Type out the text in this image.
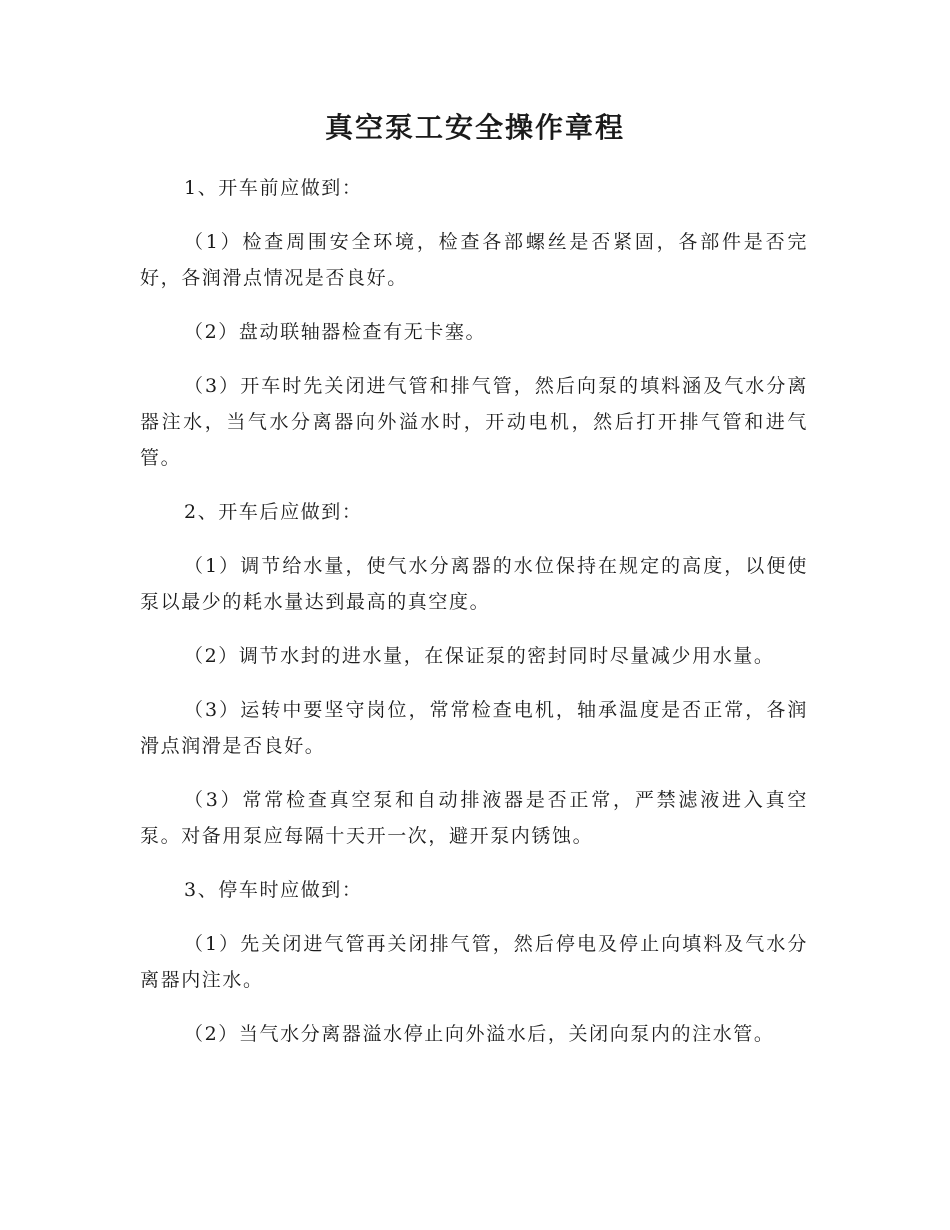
真空泵工安全操作章程

1、开车前应做到：

（1）检查周围安全环境，检查各部螺丝是否紧固，各部件是否完好，各润滑点情况是否良好。

（2）盘动联轴器检查有无卡塞。

（3）开车时先关闭进气管和排气管，然后向泵的填料涵及气水分离器注水，当气水分离器向外溢水时，开动电机，然后打开排气管和进气管。

2、开车后应做到：

（1）调节给水量，使气水分离器的水位保持在规定的高度，以便使泵以最少的耗水量达到最高的真空度。

（2）调节水封的进水量，在保证泵的密封同时尽量减少用水量。

（3）运转中要坚守岗位，常常检查电机，轴承温度是否正常，各润滑点润滑是否良好。

（3）常常检查真空泵和自动排液器是否正常，严禁滤液进入真空泵。对备用泵应每隔十天开一次，避开泵内锈蚀。

3、停车时应做到：

（1）先关闭进气管再关闭排气管，然后停电及停止向填料及气水分离器内注水。

（2）当气水分离器溢水停止向外溢水后，关闭向泵内的注水管。
